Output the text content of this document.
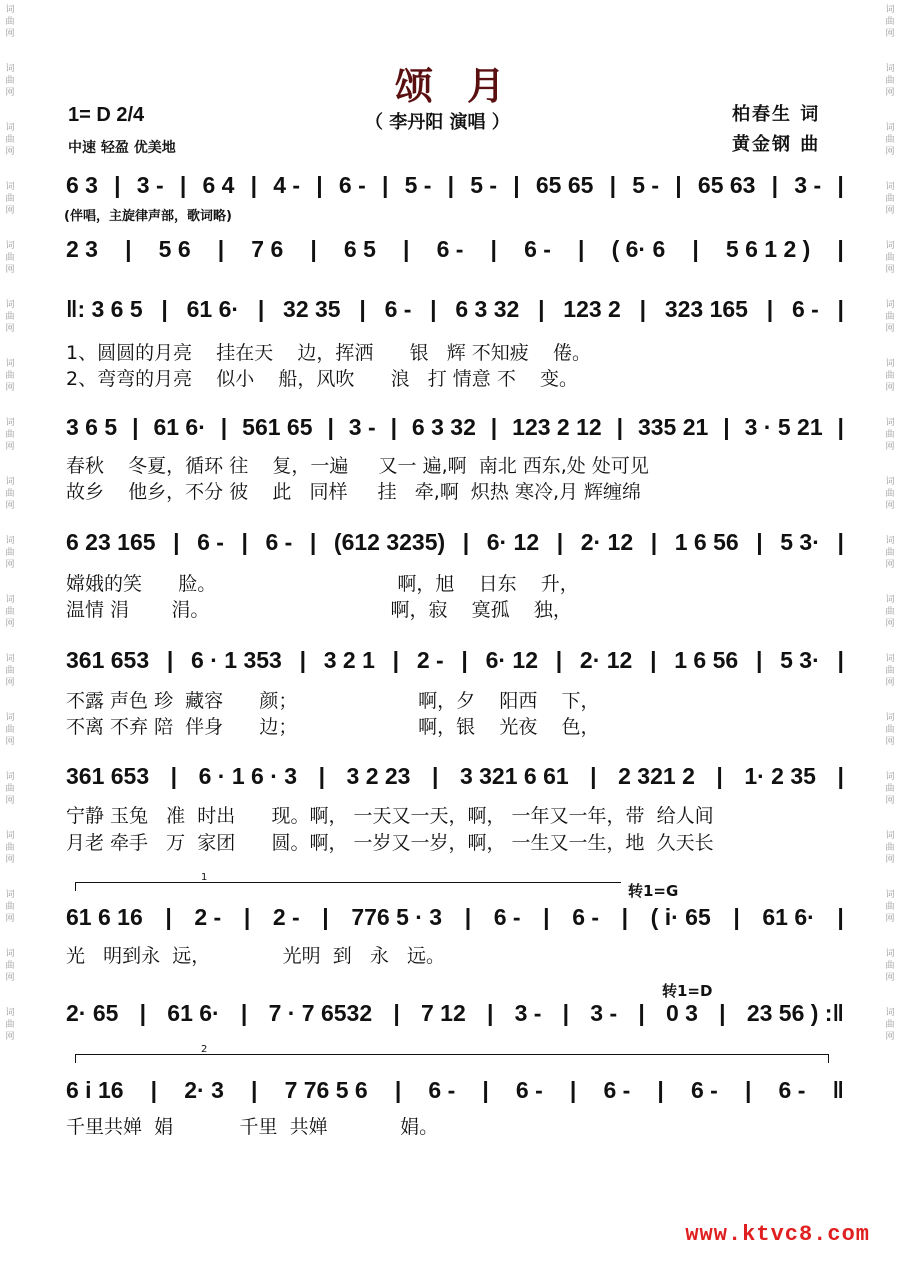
词曲网
词曲网
词曲网
词曲网
词曲网
词曲网
词曲网
词曲网
词曲网
词曲网
词曲网
词曲网
词曲网
词曲网
词曲网
词曲网
词曲网
词曲网
词曲网
词曲网
词曲网
词曲网
词曲网
词曲网
词曲网
词曲网
词曲网
词曲网
词曲网
词曲网
词曲网
词曲网
词曲网
词曲网
词曲网
词曲网
颂月
1= D 2/4
中速 轻盈 优美地
（ 李丹阳 演唱 ）	柏春生 词
黄金钢 曲
(伴唱，主旋律声部，歌词略)
6 3 | 3 - | 6 4 | 4 - | 6 - | 5 - | 5 - | 65 65 | 5 - | 65 63 | 3 - |
2 3 | 5 6 | 7 6 | 6 5 | 6 - | 6 - | ( 6· 6 | 5 6 1 2 ) |
‖: 3 6 5 | 61 6· | 32 35 | 6 - | 6 3 32 | 123 2 | 323 165 | 6 - |
3 6 5 | 61 6· | 561 65 | 3 - | 6 3 32 | 123 2 12 | 335 21 | 3 · 5 21 |
6 23 165 | 6 - | 6 - | (612 3235) | 6· 12 | 2· 12 | 1 6 56 | 5 3· |
361 653 | 6 · 1 353 | 3 2 1 | 2 - | 6· 12 | 2· 12 | 1 6 56 | 5 3· |
361 653 | 6 · 1 6 · 3 | 3 2 23 | 3 321 6 61 | 2 321 2 | 1· 2 35 |
61 6 16 | 2 - | 2 - | 776 5 · 3 | 6 - | 6 - | ( i· 65 | 61 6· |
2· 65 | 61 6· | 7 · 7 6532 | 7 12 | 3 - | 3 - | 0 3 | 23 56 ) :‖
6 i 16 | 2· 3 | 7 76 5 6 | 6 - | 6 - | 6 - | 6 - | 6 - ‖
1、圆圆的月亮    挂在天    边，挥洒      银   辉 不知疲    倦。
2、弯弯的月亮    似小    船，风吹      浪   打 情意 不    变。
春秋    冬夏，循环 往    复，一遍     又一 遍,啊  南北 西东,处 处可见
故乡    他乡，不分 彼    此   同样     挂   牵,啊  炽热 寒冷,月 辉缠绵
嫦娥的笑      脸。                              啊，旭    日东    升，
温情 涓       涓。                              啊，寂    寞孤    独，
不露 声色 珍  藏容      颜；                    啊，夕    阳西    下，
不离 不弃 陪  伴身      边；                    啊，银    光夜    色，
宁静 玉兔   准  时出      现。啊， 一天又一天，啊， 一年又一年，带  给人间
月老 牵手   万  家团      圆。啊， 一岁又一岁，啊， 一生又一生，地  久天长
光   明到永  远，            光明  到   永   远。
千里共婵  娟           千里  共婵            娟。
1
2
转1=G
转1=D
www.ktvc8.com
